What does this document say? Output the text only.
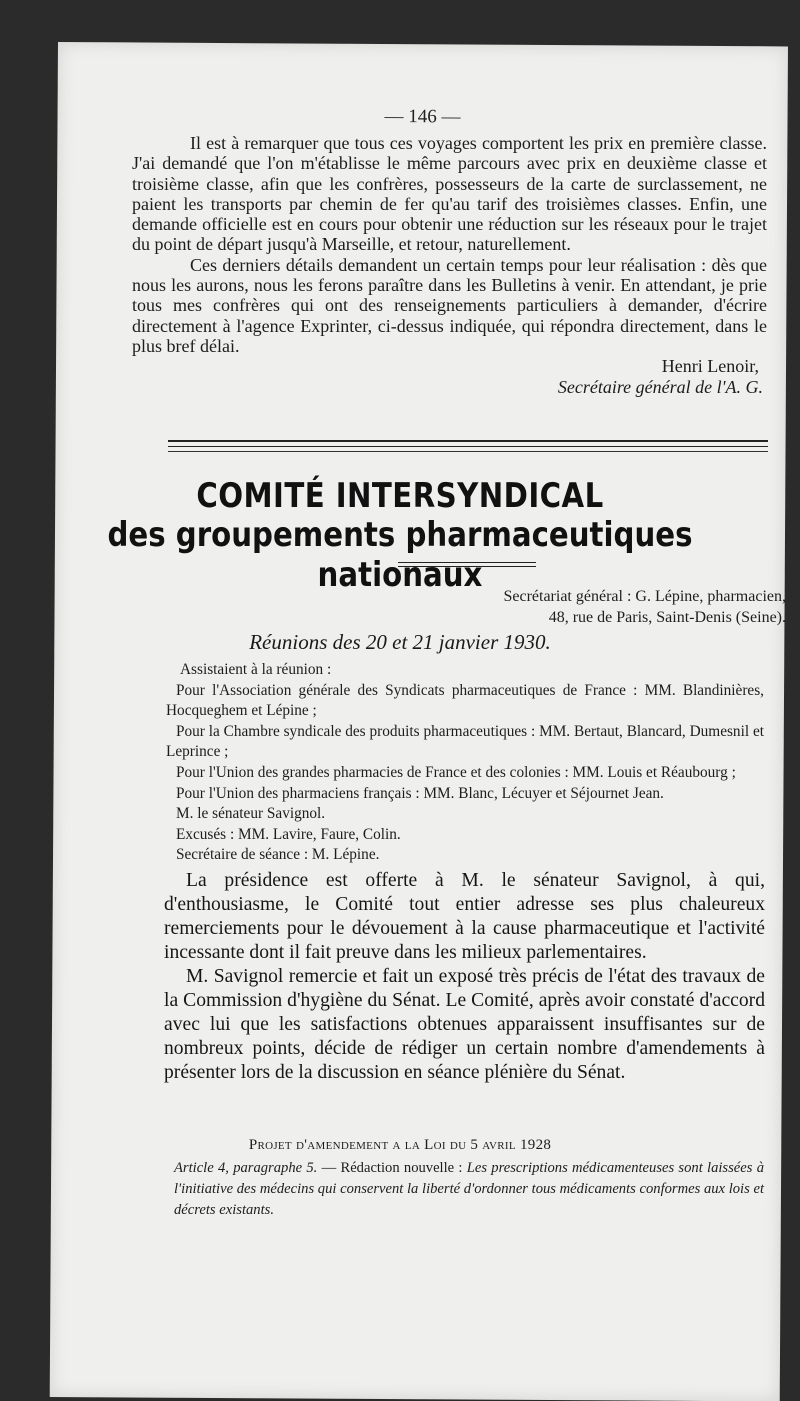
— 146 —

Il est à remarquer que tous ces voyages comportent les prix en première classe. J'ai demandé que l'on m'établisse le même parcours avec prix en deuxième classe et troisième classe, afin que les confrères, possesseurs de la carte de surclassement, ne paient les transports par chemin de fer qu'au tarif des troisièmes classes. Enfin, une demande officielle est en cours pour obtenir une réduction sur les réseaux pour le trajet du point de départ jusqu'à Marseille, et retour, naturellement.

Ces derniers détails demandent un certain temps pour leur réalisation : dès que nous les aurons, nous les ferons paraître dans les Bulletins à venir. En attendant, je prie tous mes confrères qui ont des renseignements particuliers à demander, d'écrire directement à l'agence Exprinter, ci-dessus indiquée, qui répondra directement, dans le plus bref délai.

Henri Lenoir,

Secrétaire général de l'A. G.

COMITÉ INTERSYNDICAL
des groupements pharmaceutiques nationaux
Secrétariat général : G. Lépine, pharmacien,
48, rue de Paris, Saint-Denis (Seine).
Réunions des 20 et 21 janvier 1930.

Assistaient à la réunion :

Pour l'Association générale des Syndicats pharmaceutiques de France : MM. Blandinières, Hocqueghem et Lépine ;

Pour la Chambre syndicale des produits pharmaceutiques : MM. Bertaut, Blancard, Dumesnil et Leprince ;

Pour l'Union des grandes pharmacies de France et des colonies : MM. Louis et Réaubourg ;

Pour l'Union des pharmaciens français : MM. Blanc, Lécuyer et Séjournet Jean.

M. le sénateur Savignol.

Excusés : MM. Lavire, Faure, Colin.

Secrétaire de séance : M. Lépine.

La présidence est offerte à M. le sénateur Savignol, à qui, d'enthousiasme, le Comité tout entier adresse ses plus chaleureux remerciements pour le dévouement à la cause pharmaceutique et l'activité incessante dont il fait preuve dans les milieux parlementaires.

M. Savignol remercie et fait un exposé très précis de l'état des travaux de la Commission d'hygiène du Sénat. Le Comité, après avoir constaté d'accord avec lui que les satisfactions obtenues apparaissent insuffisantes sur de nombreux points, décide de rédiger un certain nombre d'amendements à présenter lors de la discussion en séance plénière du Sénat.

Projet d'amendement a la Loi du 5 avril 1928
Article 4, paragraphe 5. — Rédaction nouvelle : Les prescriptions médicamenteuses sont laissées à l'initiative des médecins qui conservent la liberté d'ordonner tous médicaments conformes aux lois et décrets existants.
